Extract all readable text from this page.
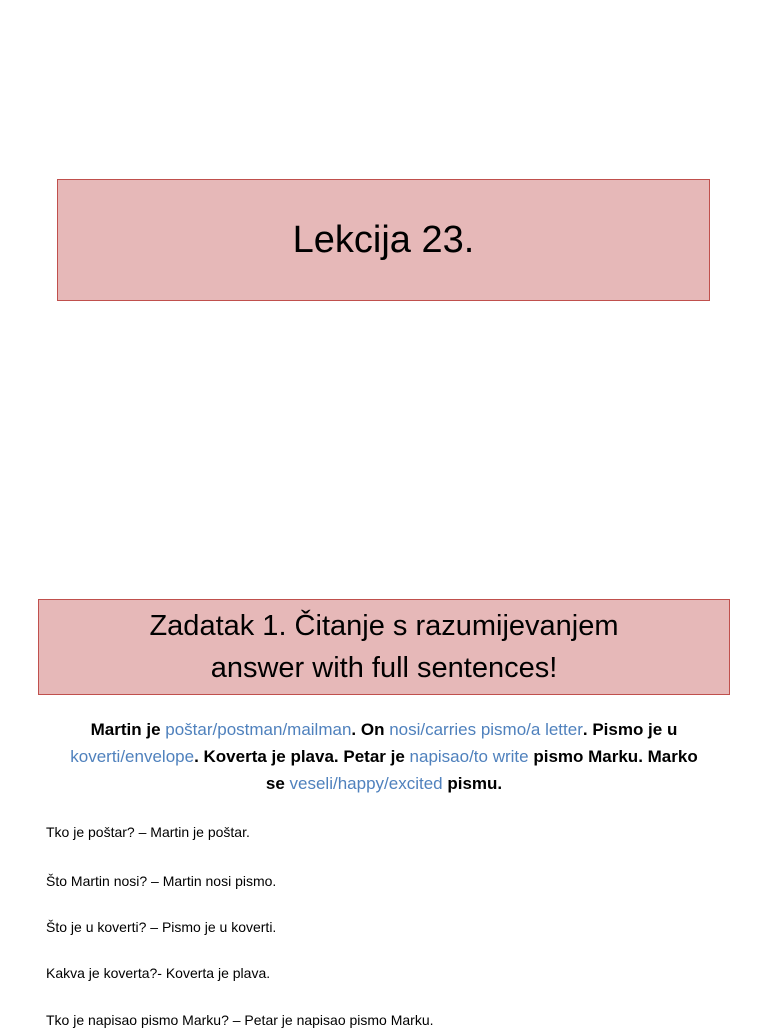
Lekcija 23.
Zadatak 1. Čitanje s razumijevanjem
answer with full sentences!
Martin je poštar/postman/mailman. On nosi/carries pismo/a letter. Pismo je u koverti/envelope. Koverta je plava. Petar je napisao/to write pismo Marku. Marko se veseli/happy/excited pismu.
Tko je poštar? – Martin je poštar.
Što Martin nosi? – Martin nosi pismo.
Što je u koverti? – Pismo je u koverti.
Kakva je koverta?- Koverta je plava.
Tko je napisao pismo Marku? – Petar je napisao pismo Marku.
